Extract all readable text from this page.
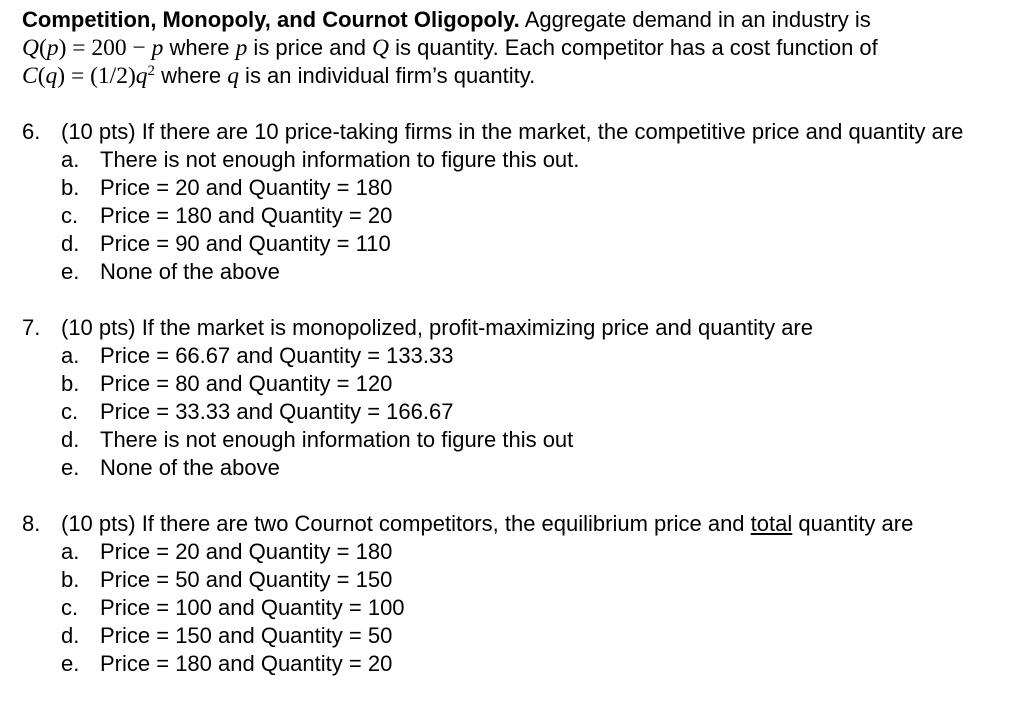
Competition, Monopoly, and Cournot Oligopoly. Aggregate demand in an industry is
Q(p) = 200 − p where p is price and Q is quantity. Each competitor has a cost function of
$C(q) = (1/2)q^2$ where q is an individual firm’s quantity.

6. (10 pts) If there are 10 price-taking firms in the market, the competitive price and quantity are

a. There is not enough information to figure this out.
b. Price = 20 and Quantity = 180
c. Price = 180 and Quantity = 20
d. Price = 90 and Quantity = 110
e. None of the above
7. (10 pts) If the market is monopolized, profit-maximizing price and quantity are

a. Price = 66.67 and Quantity = 133.33
b. Price = 80 and Quantity = 120
c. Price = 33.33 and Quantity = 166.67
d. There is not enough information to figure this out
e. None of the above
8. (10 pts) If there are two Cournot competitors, the equilibrium price and total quantity are

a. Price = 20 and Quantity = 180
b. Price = 50 and Quantity = 150
c. Price = 100 and Quantity = 100
d. Price = 150 and Quantity = 50
e. Price = 180 and Quantity = 20
